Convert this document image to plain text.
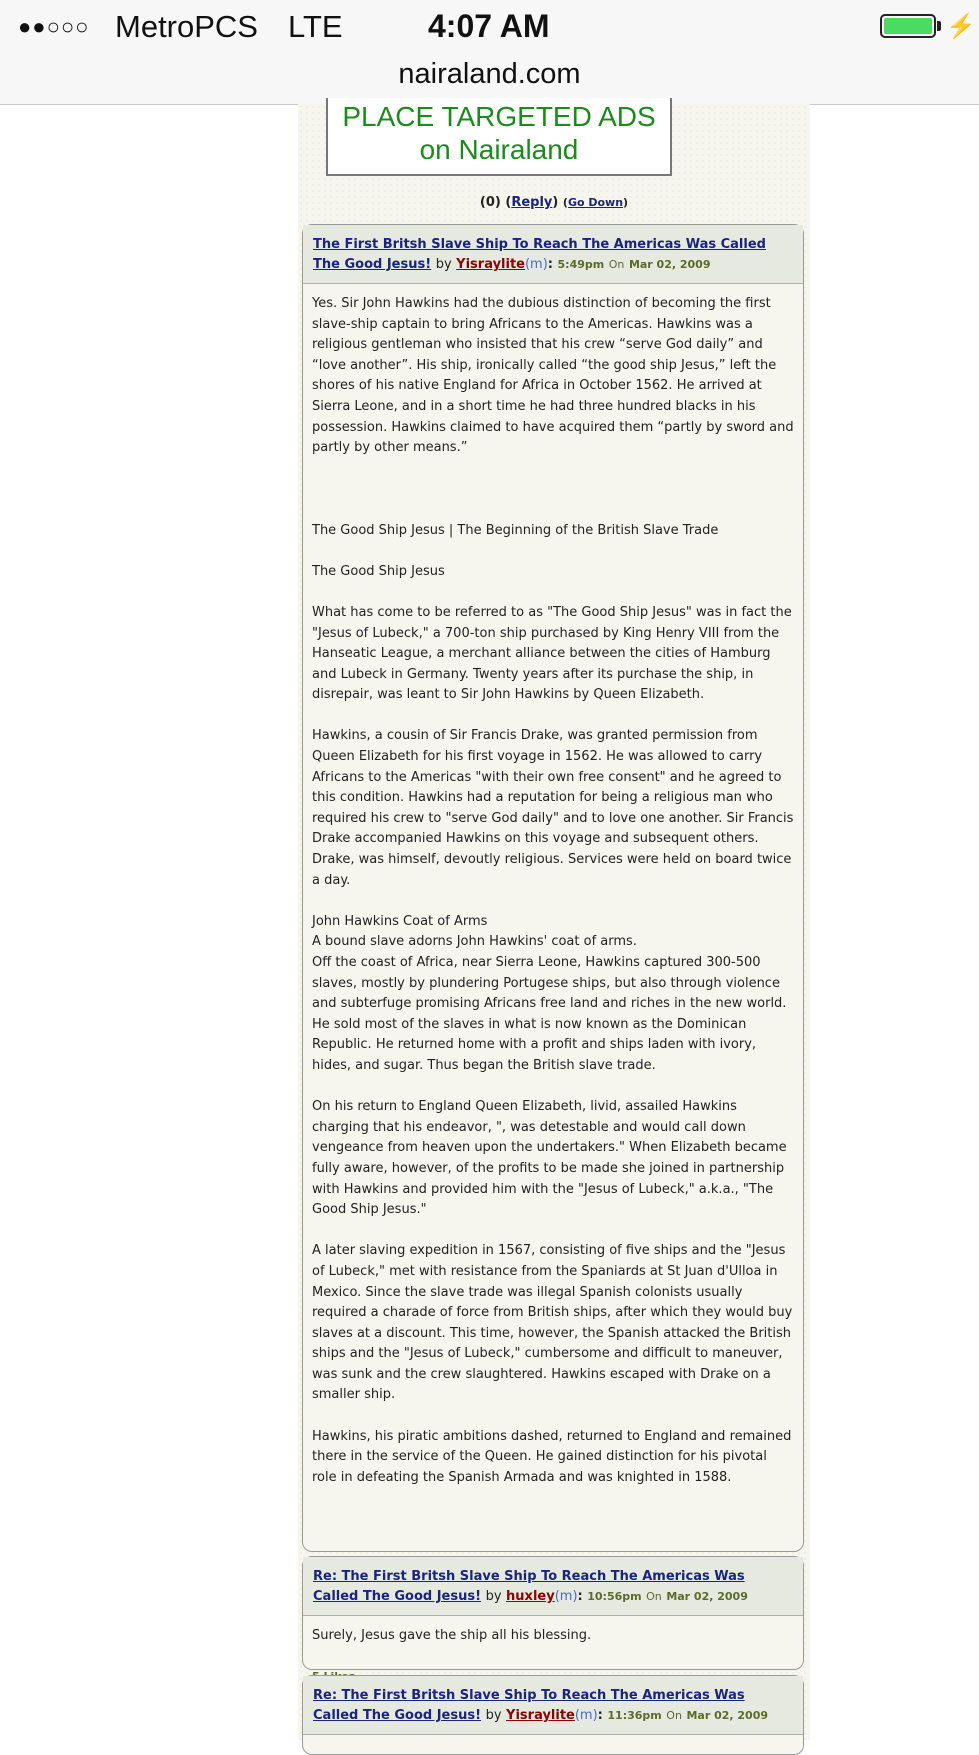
●●○○○ MetroPCS LTE	4:07 AM	⚡
nairaland.com
PLACE TARGETED ADS
on Nairaland
(0) (Reply) (Go Down)
The First Britsh Slave Ship To Reach The Americas Was Called The Good Jesus! by Yisraylite(m): 5:49pm On Mar 02, 2009

Yes. Sir John Hawkins had the dubious distinction of becoming the first slave-ship captain to bring Africans to the Americas. Hawkins was a religious gentleman who insisted that his crew “serve God daily” and “love another”. His ship, ironically called “the good ship Jesus,” left the shores of his native England for Africa in October 1562. He arrived at Sierra Leone, and in a short time he had three hundred blacks in his possession. Hawkins claimed to have acquired them “partly by sword and partly by other means.”

The Good Ship Jesus | The Beginning of the British Slave Trade

The Good Ship Jesus

What has come to be referred to as "The Good Ship Jesus" was in fact the "Jesus of Lubeck," a 700-ton ship purchased by King Henry VIII from the Hanseatic League, a merchant alliance between the cities of Hamburg and Lubeck in Germany. Twenty years after its purchase the ship, in disrepair, was leant to Sir John Hawkins by Queen Elizabeth.

Hawkins, a cousin of Sir Francis Drake, was granted permission from Queen Elizabeth for his first voyage in 1562. He was allowed to carry Africans to the Americas "with their own free consent" and he agreed to this condition. Hawkins had a reputation for being a religious man who required his crew to "serve God daily" and to love one another. Sir Francis Drake accompanied Hawkins on this voyage and subsequent others. Drake, was himself, devoutly religious. Services were held on board twice a day.

John Hawkins Coat of Arms
A bound slave adorns John Hawkins' coat of arms.
Off the coast of Africa, near Sierra Leone, Hawkins captured 300-500 slaves, mostly by plundering Portugese ships, but also through violence and subterfuge promising Africans free land and riches in the new world. He sold most of the slaves in what is now known as the Dominican Republic. He returned home with a profit and ships laden with ivory, hides, and sugar. Thus began the British slave trade.

On his return to England Queen Elizabeth, livid, assailed Hawkins charging that his endeavor, ", was detestable and would call down vengeance from heaven upon the undertakers." When Elizabeth became fully aware, however, of the profits to be made she joined in partnership with Hawkins and provided him with the "Jesus of Lubeck," a.k.a., "The Good Ship Jesus."

A later slaving expedition in 1567, consisting of five ships and the "Jesus of Lubeck," met with resistance from the Spaniards at St Juan d'Ulloa in Mexico. Since the slave trade was illegal Spanish colonists usually required a charade of force from British ships, after which they would buy slaves at a discount. This time, however, the Spanish attacked the British ships and the "Jesus of Lubeck," cumbersome and difficult to maneuver, was sunk and the crew slaughtered. Hawkins escaped with Drake on a smaller ship.

Hawkins, his piratic ambitions dashed, returned to England and remained there in the service of the Queen. He gained distinction for his pivotal role in defeating the Spanish Armada and was knighted in 1588.

Re: The First Britsh Slave Ship To Reach The Americas Was Called The Good Jesus! by huxley(m): 10:56pm On Mar 02, 2009

Surely, Jesus gave the ship all his blessing.

Re: The First Britsh Slave Ship To Reach The Americas Was Called The Good Jesus! by Yisraylite(m): 11:36pm On Mar 02, 2009
